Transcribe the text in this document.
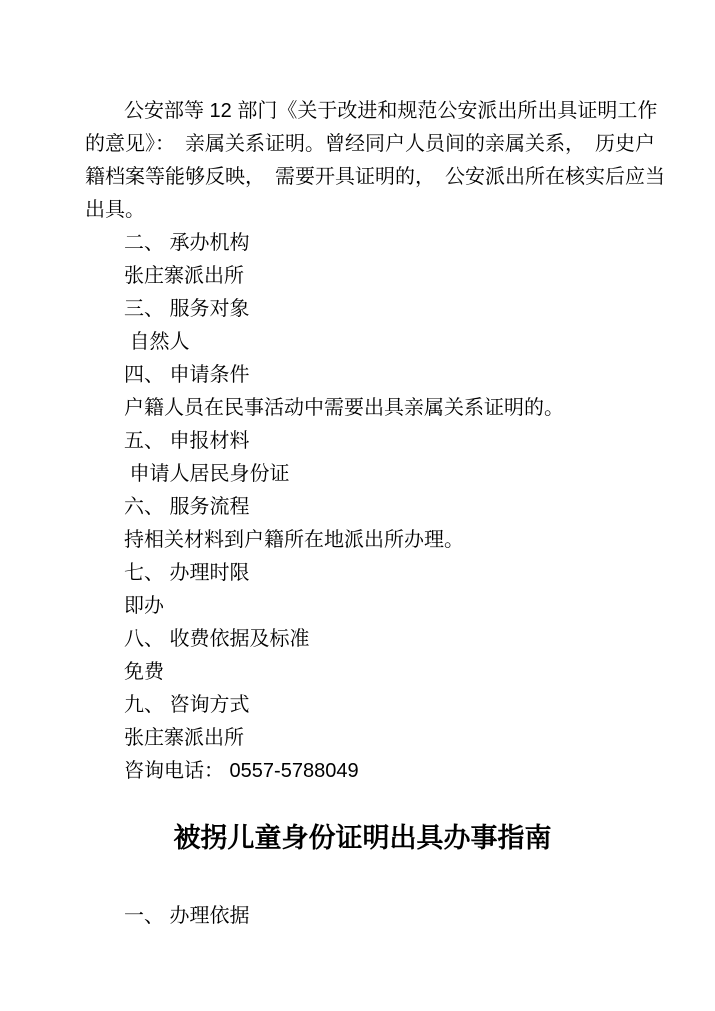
公安部等 12 部门《关于改进和规范公安派出所出具证明工作
的意见》：　亲属关系证明。曾经同户人员间的亲属关系，　历史户
籍档案等能够反映，　需要开具证明的，　公安派出所在核实后应当
出具。
二、 承办机构
张庄寨派出所
三、 服务对象
自然人
四、 申请条件
户籍人员在民事活动中需要出具亲属关系证明的。
五、 申报材料
申请人居民身份证
六、 服务流程
持相关材料到户籍所在地派出所办理。
七、 办理时限
即办
八、 收费依据及标准
免费
九、 咨询方式
张庄寨派出所
咨询电话： 0557-5788049
被拐儿童身份证明出具办事指南
一、 办理依据
